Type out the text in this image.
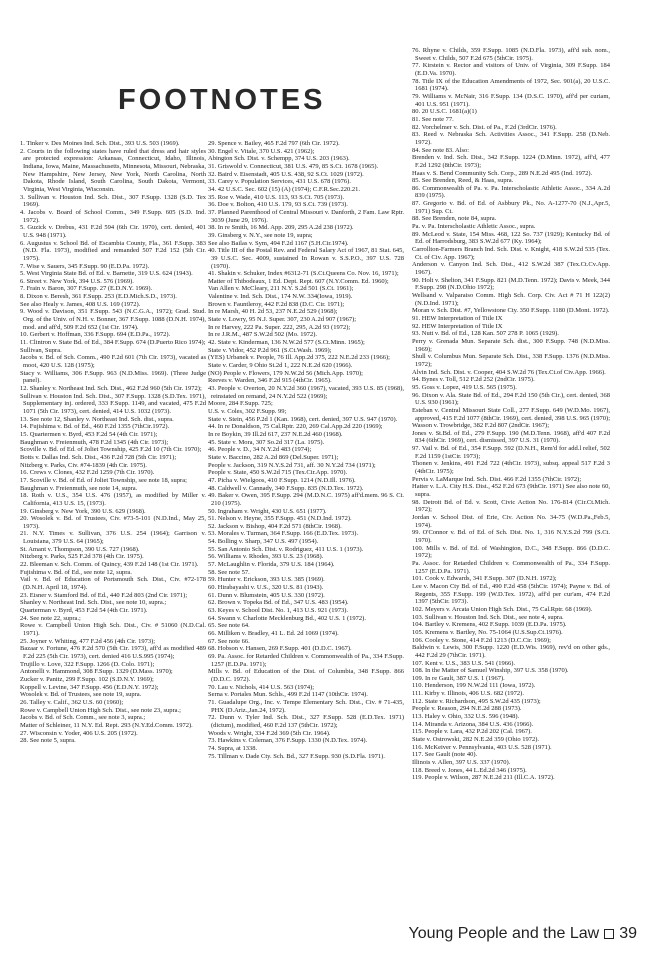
FOOTNOTES

1. Tinker v. Des Moines Ind. Sch. Dist., 393 U.S. 503 (1969).

2. Courts in the following states have ruled that dress and hair styles are protected expression: Arkansas, Connecticut, Idaho, Illinois, Indiana, Iowa, Maine, Massachusetts, Minnesota, Missouri, Nebraska, New Hampshire, New Jersey, New York, North Carolina, North Dakota, Rhode Island, South Carolina, South Dakota, Vermont, Virginia, West Virginia, Wisconsin.

3. Sullivan v. Houston Ind. Sch. Dist., 307 F.Supp. 1328 (S.D. Tex 1969).

4. Jacobs v. Board of School Comm., 349 F.Supp. 605 (S.D. Ind. 1972).

5. Guzick v. Drebus, 431 F.2d 594 (6th Cir. 1970), cert. denied, 401 U.S. 948 (1971).

6. Augustus v. School Bd. of Escambia County, Fla., 361 F.Supp. 383 (N.D. Fla. 1973), modified and remanded 507 F.2d 152 (5th Cir. 1975).

7. Wise v. Sauers, 345 F.Supp. 90 (E.D.Pa. 1972).

5. West Virginia State Bd. of Ed. v. Barnette, 319 U.S. 624 (1943).

6. Street v. New York, 394 U.S. 576 (1969).

7. Frain v. Baron, 307 F.Supp. 27 (E.D.N.Y. 1969).

8. Dixon v. Beresh, 361 F.Supp. 253 (E.D.Mich.S.D., 1973).

See also Healy v. James, 408 U.S. 169 (1972).

9. Wood v. Davison, 351 F.Supp. 543 (N.C.G.A., 1972); Grad. Stud. Org. of the Univ. of N.H. v. Bonner, 367 F.Supp. 1088 (D.N.H. 1974), mod. and aff'd, 509 F.2d 652 (1st Cir. 1974).

10. Gerbert v. Hoffman, 336 F.Supp. 694 (E.D.Pa., 1972).

11. Clintron v. State Bd. of Ed., 384 F.Supp. 674 (D.Puerto Rico 1974);

Sullivan, Supra.

Jacobs v. Bd. of Sch. Comm., 490 F.2d 601 (7th Cir. 1973), vacated as moot, 420 U.S. 128 (1975);

Stacy v. Williams, 306 F.Supp. 963 (N.D.Miss. 1969). (Three Judge panel).

12. Shanley v. Northeast Ind. Sch. Dist., 462 F.2d 960 (5th Cir. 1972);

Sullivan v. Houston Ind. Sch. Dist., 307 F.Supp. 1328 (S.D.Tex. 1971), Supplementary inj. ordered, 333 F.Supp. 1149, and vacated, 475 F.2d 1071 (5th Cir. 1973), cert. denied, 414 U.S. 1032 (1973).

13. See note 12, Shanley v. Northeast Ind. Sch. dist., supra.

14. Fujishima v. Bd. of Ed., 460 F.2d 1355 (7thCir.1972).

15. Quartermen v. Byrd, 453 F.2d 54 (4th Cir. 1971);

Baughman v. Freienmuth, 478 F.2d 1345 (4th Cir. 1973);

Scoville v. Bd. of Ed. of Joliet Township, 425 F.2d 10 (7th Cir. 1970);

Botts v. Dallas Ind. Sch. Dist., 436 F.2d 728 (5th Cir. 1971);

Nitzberg v. Parks, Civ. #74-1839 (4th Cir. 1975).

16. Crews v. Clones, 432 F.2d 1259 (7th Cir. 1970).

17. Scoville v. Bd. of Ed. of Joliet Township, see note 18, supra;

Baughman v. Freienmuth, see note 14, supra.

18. Roth v. U.S., 354 U.S. 476 (1957), as modified by Miller v. California, 413 U.S. 15, (1973).

19. Ginsberg v. New York, 390 U.S. 629 (1968).

20. Wosolek v. Bd. of Trustees, Civ. #73-5-101 (N.D.Ind., May 25, 1973).

21. N.Y. Times v. Sullivan, 376 U.S. 254 (1964); Garrison v. Louisiana, 379 U.S. 64 (1965);

St. Amant v. Thompson, 390 U.S. 727 (1968).

Nitzberg v. Parks, 525 F.2d 378 (4th Cir. 1975).

22. Bleeman v. Sch. Comm. of Quincy, 439 F.2d 148 (1st Cir. 1971).

Fujishima v. Bd. of Ed., see note 12, supra.

Vail v. Bd. of Education of Portsmouth Sch. Dist., Civ. #72-178 (D.N.H. April 18, 1974).

23. Eisner v. Stamford Bd. of Ed., 440 F.2d 803 (2nd Cir. 1971);

Shanley v. Northeast Ind. Sch. Dist., see note 10, supra.;

Quarterman v. Byrd, 453 F.2d 54 (4th Cir. 1971).

24. See note 22, supra.;

Rowe v. Campbell Union High Sch. Dist., Civ. # 51060 (N.D.Cal. 1971).

25. Joyner v. Whiting, 477 F.2d 456 (4th Cir. 1973);

Bazaar v. Fortune, 476 F.2d 570 (5th Cir. 1973), aff'd as modified 489 F.2d 225 (5th Cir. 1973), cert. denied 416 U.S.995 (1974);

Trujillo v. Love, 322 F.Supp. 1266 (D. Colo. 1971);

Antonelli v. Hammond, 308 F.Supp. 1329 (D.Mass. 1970);

Zucker v. Panitz, 299 F.Supp. 102 (S.D.N.Y. 1969);

Koppell v. Levine, 347 F.Supp. 456 (E.D.N.Y. 1972);

Wosolek v. Bd. of Trustees, see note 19, supra.

26. Talley v. Calif., 362 U.S. 60 (1960);

Rowe v. Campbell Union High Sch. Dist., see note 23, supra.;

Jacobs v. Bd. of Sch. Comm., see note 3, supra.;

Matter of Schleiner, 11 N.Y. Ed. Rept. 293 (N.Y.Ed.Comm. 1972).

27. Wisconsin v. Yoder, 406 U.S. 205 (1972).

28. See note 5, supra.

29. Spence v. Bailey, 465 F.2d 797 (6th Cir. 1972).

30. Engel v. Vitale, 370 U.S. 421 (1962);

Abington Sch. Dist. v. Schempp, 374 U.S. 203 (1963).

31. Griswold v. Connecticut, 381 U.S. 479, 85 S.Ct. 1678 (1965).

32. Baird v. Eisenstadt, 405 U.S. 438, 92 S.Ct. 1029 (1972).

33. Carey v. Population Services, 431 U.S. 678 (1976).

34. 42 U.S.C. Sec. 602 (15) (A) (1974); C.F.R.Sec.220.21.

35. Roe v. Wade, 410 U.S. 113, 93 S.Ct. 705 (1973).

36. Doe v. Bolton, 410 U.S. 179, 93 S.Ct. 739 (1973).

37. Planned Parenthood of Central Missouri v. Danforth, 2 Fam. Law Rptr. 3039 (June 29, 1976).

38. In re Smith, 16 Md. App. 209, 295 A.2d 238 (1972).

39. Ginsberg v. N.Y., see note 19, supra;

See also Bailas v. Sym, 494 F.2d 1167 (5.H.Cir.1974).

40. Title III of the Postal Rev. and Federal Salary Act of 1967, 81 Stat. 645, 39 U.S.C. Sec. 4009, sustained In Rowan v. S.S.P.O., 397 U.S. 728 (1970).

41. Shakin v. Schuker, Index #6312-71 (S.Ct.Queens Co. Nov. 16, 1971);

Matter of Thibodeaux, 1 Ed. Dept. Rept. 607 (N.Y.Comm. Ed. 1960);

Van Allen v. McCleary, 211 N.Y. S.2d 501 (S.Ct. 1961);

Valentine v. Ind. Sch. Dist., 174 N.W. 334(Iowa, 1919).

Brown v. Fauntleroy, 442 F.2d 838 (D.C. Cir. 1971);

In re Marsh, 40 H. 2d 53, 237 N.E.2d 529 (1968);

State v. Lowry, 95 N.J. Super. 307, 230 A.2d 907 (1967);

In re Harvey, 222 Pa. Super. 222, 295, A.2d 93 (1972);

In re J.R.M., 487 S.W.2d 502 (Mo. 1972).

42. State v. Kinderman, 136 N.W.2d 577 (S.Ct.Minn. 1965);

State v. Vidor, 452 P.2d 961 (S.Ct.Wash. 1969);

(YES) Urbanek v. People, 76 Ill. App.2d 375, 222 N.E.2d 233 (1966);

State v. Carder, 9 Ohio St.2d 1, 222 N.E.2d 620 (1966).

(NO) People v. Flowers, 179 N.W.2d 56 (Mich.App. 1970);

Reeves v. Warden, 346 F.2d 915 (4thCir. 1965).

43. People v. Overton, 20 N.Y.2d 360 (1967), vacated, 393 U.S. 85 (1968), reinstated on remand, 24 N.Y.2d 522 (1969);

Moore, 284 F.Supp. 725;

U.S. v. Coles, 302 F.Supp. 99;

State v. Stein, 456 P.2d 1 (Kan. 1968), cert. denied, 397 U.S. 947 (1970).

44. In re Donaldson, 75 Cal.Rptr. 220, 269 Cal.App.2d 220 (1969);

In re Boykin, 39 Ill.2d 617, 237 N.E.2d 460 (1968).

45. State v. Mora, 307 So.2d 317 (La. 1975).

46. People v. D., 34 N.Y.2d 483 (1974);

State v. Baccino, 282 A.2d 869 (Del.Super. 1971);

People v. Jackson, 319 N.Y.S.2d 731, aff. 30 N.Y.2d 734 (1971);

People v. State, 450 S.W.2d 715 (Tex.Cir.App. 1970).

47. Picha v. Wielgoos, 410 F.Supp. 1214 (N.D.Ill. 1976).

48. Caldwell v. Cannady, 340 F.Supp. 835 (N.D.Tex. 1972).

49. Baker v. Owen, 395 F.Supp. 294 (M.D.N.C. 1975) aff'd.mem. 96 S. Ct. 210 (1975).

50. Ingraham v. Wright, 430 U.S. 651 (1977).

51. Nelson v. Heyne, 355 F.Supp. 451 (N.D.Ind. 1972).

52. Jackson v. Bishop, 404 F.2d 571 (8thCir. 1968).

53. Morales v. Turman, 364 F.Supp. 166 (E.D.Tex. 1973).

54. Bolling v. Sharp, 347 U.S. 497 (1954).

55. San Antonio Sch. Dist. v. Rodriguez, 411 U.S. 1 (1973).

56. Williams v. Rhodes, 393 U.S. 23 (1968).

57. McLaughlin v. Florida, 379 U.S. 184 (1964).

58. See note 57.

59. Hunter v. Erickson, 393 U.S. 385 (1969).

60. Hirabayashi v. U.S., 320 U.S. 81 (1943).

61. Dunn v. Blumstein, 405 U.S. 330 (1972).

62. Brown v. Topeka Bd. of Ed., 347 U.S. 483 (1954).

63. Keyes v. School Dist. No. 1, 413 U.S. 921 (1973).

64. Swann v. Charlotte Mecklenburg Bd., 402 U.S. 1 (1972).

65. See note 64.

66. Milliken v. Bradley, 41 L. Ed. 2d 1069 (1974).

67. See note 66.

68. Hobson v. Hansen, 269 F.Supp. 401 (D.D.C. 1967).

69. Pa. Assoc. for Retarded Children v. Commonwealth of Pa., 334 F.Supp. 1257 (E.D.Pa. 1971);

Mills v. Bd. of Education of the Dist. of Columbia, 348 F.Supp. 866 (D.D.C. 1972).

70. Lau v. Nichols, 414 U.S. 563 (1974);

Serna v. Portales Mun. Schls., 499 F.2d 1147 (10thCir. 1974).

71. Guadalupe Org., Inc. v. Tempe Elementary Sch. Dist., Civ. # 71-435, PHX (D.Ariz.,Jan.24, 1972).

72. Dunn v. Tyler Ind. Sch. Dist., 327 F.Supp. 528 (E.D.Tex. 1971) (dictum), modified, 460 F.2d 137 (5thCir. 1972);

Woods v. Wright, 334 F.2d 369 (5th Cir. 1964).

73. Hawkins v. Coleman, 376 F.Supp. 1330 (N.D.Tex. 1974).

74. Supra, at 1338.

75. Tillman v. Dade Cty. Sch. Bd., 327 F.Supp. 930 (S.D.Fla. 1971).

76. Rhyne v. Childs, 359 F.Supp. 1085 (N.D.Fla. 1973), aff'd sub. nom., Sweet v. Childs, 507 F.2d 675 (5thCir. 1975).

77. Kirstein v. Rector and visitors of Univ. of Virginia, 309 F.Supp. 184 (E.D.Va. 1970).

78. Title IX of the Education Amendments of 1972, Sec. 901(a), 20 U.S.C. 1681 (1974).

79. Williams v. McNair, 316 F.Supp. 134 (D.S.C. 1970), aff'd per curiam, 401 U.S. 951 (1971).

80. 20 U.S.C. 1681(a)(1)

81. See note 77.

82. Vorchelmer v. Sch. Dist. of Pa., F.2d (3rdCir. 1976).

83. Reed v. Nebraska Sch. Activities Assoc., 341 F.Supp. 258 (D.Neb. 1972).

84. See note 83. Also:

Brenden v. Ind. Sch. Dist., 342 F.Supp. 1224 (D.Minn. 1972), aff'd, 477 F.2d 1292 (8thCir. 1973);

Haas v. S. Bend Community Sch. Corp., 289 N.E.2d 495 (Ind. 1972).

85. See Brenden, Reed, & Haas, supra.

86. Commonwealth of Pa. v. Pa. Interscholastic Athletic Assoc., 334 A.2d 839 (1975).

87. Gregorio v. Bd. of Ed. of Asbbury Pk., No. A-1277-70 (N.J.,Apr.5, 1971) Sup. Ct.

88. See Brenden, note 84, supra.

Pa. v. Pa. Interscholastic Athletic Assoc., supra.

89. McLeod v. State, 154 Miss. 468, 122 So. 737 (1929); Kentucky Bd. of Ed. of Harrodsburg, 383 S.W.2d 677 (Ky. 1964);

Carrollton-Farmers Branch Ind. Sch. Dist. v. Knight, 418 S.W.2d 535 (Tex. Ct. of Civ. App. 1967);

Anderson v. Canyon Ind. Sch. Dist., 412 S.W.2d 387 (Tex.Ct.Cv.App. 1967).

90. Holt v. Shelton, 341 F.Supp. 821 (M.D.Tenn. 1972); Davis v. Meek, 344 F.Supp. 298 (N.D.Ohio 1972);

Wellsand v. Valparaiso Comm. High Sch. Corp. Civ. Act # 71 H 122(2) (N.D.Ind. 1971);

Moran v. Sch. Dist. #7, Yellowstone Cty. 350 F.Supp. 1180 (D.Mont. 1972).

91. HEW Interpretation of Title IX

92. HEW Interpretation of Title IX

93. Nutt v. Bd. of Ed., 128 Kan. 507 278 P. 1065 (1929).

Perry v. Grenada Mun. Separate Sch. dist., 300 F.Supp. 748 (N.D.Miss. 1969);

Shull v. Columbus Mun. Separate Sch. Dist., 338 F.Supp. 1376 (N.D.Miss. 1972);

Alvin Ind. Sch. Dist. v. Cooper, 404 S.W.2d 76 (Tex.Ct.of Civ.App. 1966).

94. Bynes v. Toll, 512 F.2d 252 (2ndCir. 1975).

95. Goss v. Lopez, 419 U.S. 565 (1975).

96. Dixon v. Ala. State Bd. of Ed., 294 F.2d 150 (5th Cir.), cert. denied, 368 U.S. 930 (1961);

Esteban v. Central Missouri State Coll., 277 F.Supp. 649 (W.D.Mo. 1967), approved, 415 F.2d 1077 (8thCir. 1969), cert. denied, 398 U.S. 965 (1970);

Wasson v. Trowbridge, 382 F.2d 807 (2ndCir. 1967);

Jones v. St.Bd. of Ed., 279 F.Supp. 190 (M.D.Tenn. 1968), aff'd 407 F.2d 834 (6thCir. 1969), cert. dismissed, 397 U.S. 31 (1970).

97. Vail v. Bd. of Ed., 354 F.Supp. 592 (D.N.H., Rem'd for add.l relief, 502 F.2d 1159 (1stCir. 1973);

Thonen v. Jenkins, 491 F.2d 722 (4thCir. 1973), subsq. appeal 517 F.2d 3 (4thCir. 1975);

Pervis v. LaMarque Ind. Sch. Dist. 466 F.2d 1355 (7thCir. 1972);

Hatter v. L.A. City H.S. Dist., 452 F.2d 673 (9thCir. 1971) See also note 60, supra.

98. Detroit Bd. of Ed. v. Scott, Civic Action No. 176-814 (Cir.Ct.Mich. 1972);

Jordan v. School Dist. of Erie, Civ. Action No. 34-75 (W.D.Pa.,Feb.5, 1974).

99. O'Connor v. Bd. of Ed. of Sch. Dist. No. 1, 316 N.Y.S.2d 799 (S.Ct. 1970).

100. Mills v. Bd. of Ed. of Washington, D.C., 348 F.Supp. 866 (D.D.C. 1972);

Pa. Assoc. for Retarded Children v. Commonwealth of Pa., 334 F.Supp. 1257 (E.D.Pa. 1971).

101. Cook v. Edwards, 341 F.Supp. 307 (D.N.H. 1972);

Lee v. Macon Cty Bd. of Ed., 490 F.2d 458 (5thCir. 1974); Payne v. Bd. of Regents, 355 F.Supp. 199 (W.D.Tex. 1972), aff'd per cur'am, 474 F.2d 1397 (5thCir. 1973).

102. Meyers v. Arcata Union High Sch. Dist., 75 Cal.Rptr. 68 (1969).

103. Sullivan v. Houston Ind. Sch. Dist., see note 4, supra.

104. Bartley v. Kremens, 402 F.Supp. 1039 (E.D.Pa. 1975).

105. Kremens v. Bartley, No. 75-1064 (U.S.Sup.Ct.1976).

106. Cooley v. Stone, 414 F.2d 1213 (D.C.Cir. 1969);

Baldwin v. Lewis, 300 F.Supp. 1220 (E.D.Wis. 1969), rev'd on other gds., 442 F.2d 29 (7thCir. 1971).

107. Kent v. U.S., 383 U.S. 541 (1966).

108. In the Matter of Samuel Winship, 397 U.S. 358 (1970).

109. In re Gault, 387 U.S. 1 (1967).

110. Henderson, 199 N.W.2d 111 (Iowa, 1972).

111. Kirby v. Illinois, 406 U.S. 682 (1972).

112. State v. Richardson, 495 S.W.2d 435 (1973);

People v. Reason, 294 N.E.2d 288 (1973).

113. Haley v. Ohio, 332 U.S. 596 (1948).

114. Miranda v. Arizona, 384 U.S. 436 (1966).

115. People v. Lara, 432 P.2d 202 (Cal. 1967).

State v. Ostrowski, 282 N.E.2d 359 (Ohio 1972).

116. McKeiver v. Pennsylvania, 403 U.S. 528 (1971).

117. See Gault (note 40).

Illinois v. Allen, 397 U.S. 337 (1970).

118. Breed v. Jones, 44 L.Ed.2d 346 (1975).

119. People v. Wilson, 287 N.E.2d 211 (Ill.C.A. 1972).

Young People and the Law 39
